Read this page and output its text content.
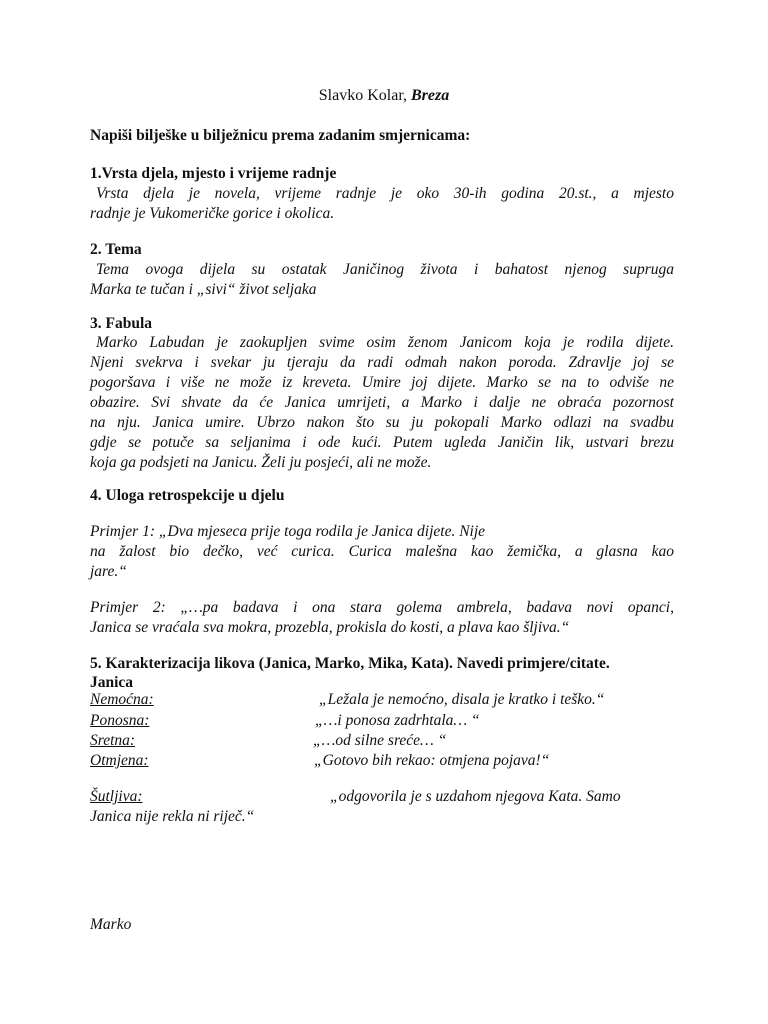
Slavko Kolar, Breza
Napiši bilješke u bilježnicu prema zadanim smjernicama:
1.Vrsta djela, mjesto i vrijeme radnje
Vrsta djela je novela, vrijeme radnje je oko 30-ih godina 20.st., a mjesto
radnje je Vukomeričke gorice i okolica.
2. Tema
Tema ovoga dijela su ostatak Janičinog života i bahatost njenog supruga
Marka te tučan i „sivi“ život seljaka
3. Fabula
Marko Labudan je zaokupljen svime osim ženom Janicom koja je rodila dijete.
Njeni svekrva i svekar ju tjeraju da radi odmah nakon poroda. Zdravlje joj se
pogoršava i više ne može iz kreveta. Umire joj dijete. Marko se na to odviše ne
obazire. Svi shvate da će Janica umrijeti, a Marko i dalje ne obraća pozornost
na nju. Janica umire. Ubrzo nakon što su ju pokopali Marko odlazi na svadbu
gdje se potuče sa seljanima i ode kući. Putem ugleda Janičin lik, ustvari brezu
koja ga podsjeti na Janicu. Želi ju posjeći, ali ne može.
4. Uloga retrospekcije u djelu
Primjer 1: „Dva mjeseca prije toga rodila je Janica dijete. Nije
na žalost bio dečko, već curica. Curica malešna kao žemička, a glasna kao
jare.“
Primjer 2: „…pa badava i ona stara golema ambrela, badava novi opanci,
Janica se vraćala sva mokra, prozebla, prokisla do kosti, a plava kao šljiva.“
5. Karakterizacija likova (Janica, Marko, Mika, Kata). Navedi primjere/citate.
Janica
Nemoćna:	„Ležala je nemoćno, disala je kratko i teško.“
Ponosna:	„…i ponosa zadrhtala… “
Sretna:	„…od silne sreće… “
Otmjena:	„Gotovo bih rekao: otmjena pojava!“
Šutljiva:	„odgovorila je s uzdahom njegova Kata. Samo
Janica nije rekla ni riječ.“
Marko
